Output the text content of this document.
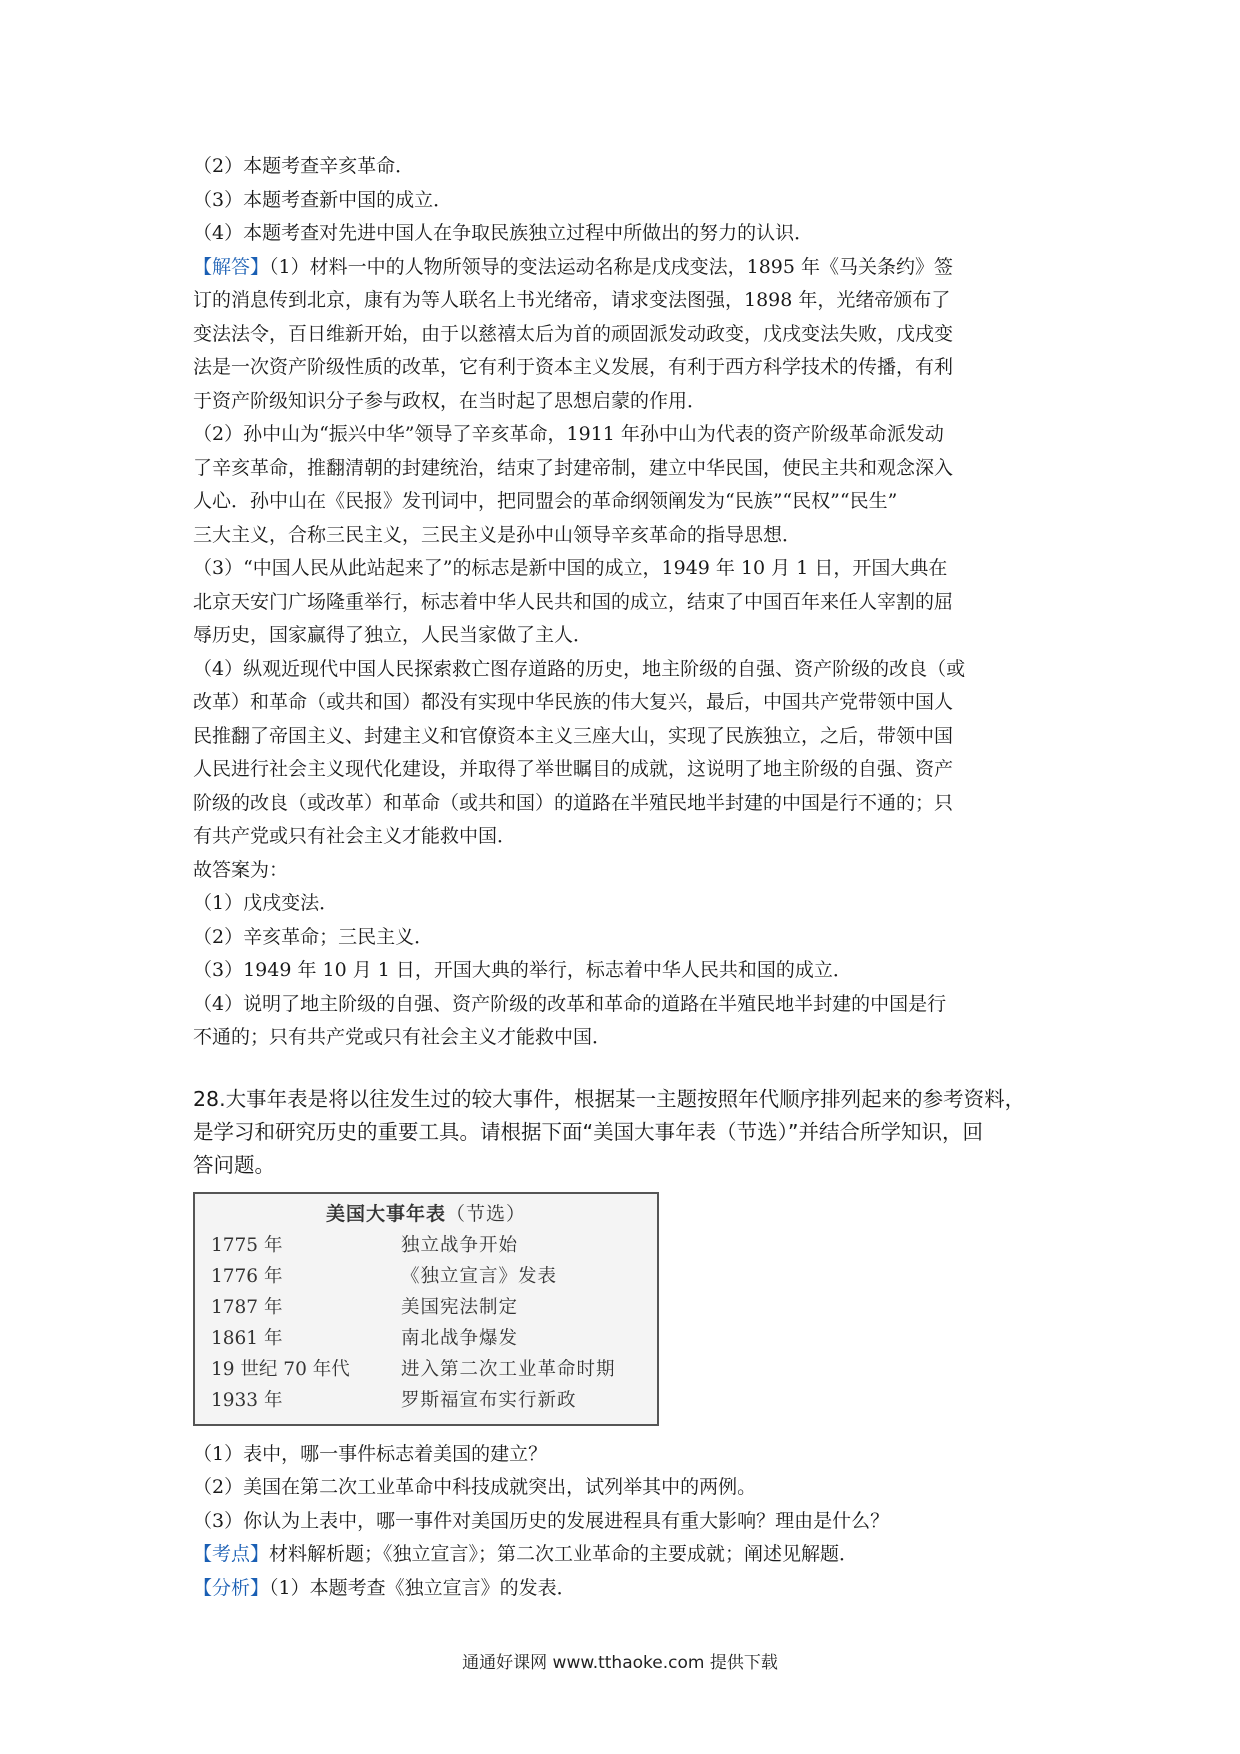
（2）本题考查辛亥革命．
（3）本题考查新中国的成立．
（4）本题考查对先进中国人在争取民族独立过程中所做出的努力的认识．
【解答】（1）材料一中的人物所领导的变法运动名称是戊戌变法，1895 年《马关条约》签
订的消息传到北京，康有为等人联名上书光绪帝，请求变法图强，1898 年，光绪帝颁布了
变法法令，百日维新开始，由于以慈禧太后为首的顽固派发动政变，戊戌变法失败，戊戌变
法是一次资产阶级性质的改革，它有利于资本主义发展，有利于西方科学技术的传播，有利
于资产阶级知识分子参与政权，在当时起了思想启蒙的作用．
（2）孙中山为“振兴中华”领导了辛亥革命，1911 年孙中山为代表的资产阶级革命派发动
了辛亥革命，推翻清朝的封建统治，结束了封建帝制，建立中华民国，使民主共和观念深入
人心．孙中山在《民报》发刊词中，把同盟会的革命纲领阐发为“民族”“民权”“民生”
三大主义，合称三民主义，三民主义是孙中山领导辛亥革命的指导思想．
（3）“中国人民从此站起来了”的标志是新中国的成立，1949 年 10 月 1 日，开国大典在
北京天安门广场隆重举行，标志着中华人民共和国的成立，结束了中国百年来任人宰割的屈
辱历史，国家赢得了独立，人民当家做了主人．
（4）纵观近现代中国人民探索救亡图存道路的历史，地主阶级的自强、资产阶级的改良（或
改革）和革命（或共和国）都没有实现中华民族的伟大复兴，最后，中国共产党带领中国人
民推翻了帝国主义、封建主义和官僚资本主义三座大山，实现了民族独立，之后，带领中国
人民进行社会主义现代化建设，并取得了举世瞩目的成就，这说明了地主阶级的自强、资产
阶级的改良（或改革）和革命（或共和国）的道路在半殖民地半封建的中国是行不通的；只
有共产党或只有社会主义才能救中国．
故答案为：
（1）戊戌变法．
（2）辛亥革命；三民主义．
（3）1949 年 10 月 1 日，开国大典的举行，标志着中华人民共和国的成立．
（4）说明了地主阶级的自强、资产阶级的改革和革命的道路在半殖民地半封建的中国是行
不通的；只有共产党或只有社会主义才能救中国．
28.大事年表是将以往发生过的较大事件，根据某一主题按照年代顺序排列起来的参考资料，
是学习和研究历史的重要工具。请根据下面“美国大事年表（节选）”并结合所学知识，回
答问题。
美国大事年表（节选）
1775 年	独立战争开始
1776 年	《独立宣言》发表
1787 年	美国宪法制定
1861 年	南北战争爆发
19 世纪 70 年代	进入第二次工业革命时期
1933 年	罗斯福宣布实行新政
（1）表中，哪一事件标志着美国的建立？
（2）美国在第二次工业革命中科技成就突出，试列举其中的两例。
（3）你认为上表中，哪一事件对美国历史的发展进程具有重大影响？理由是什么？
【考点】材料解析题；《独立宣言》；第二次工业革命的主要成就；阐述见解题．
【分析】（1）本题考查《独立宣言》的发表．
通通好课网 www.tthaoke.com 提供下载
